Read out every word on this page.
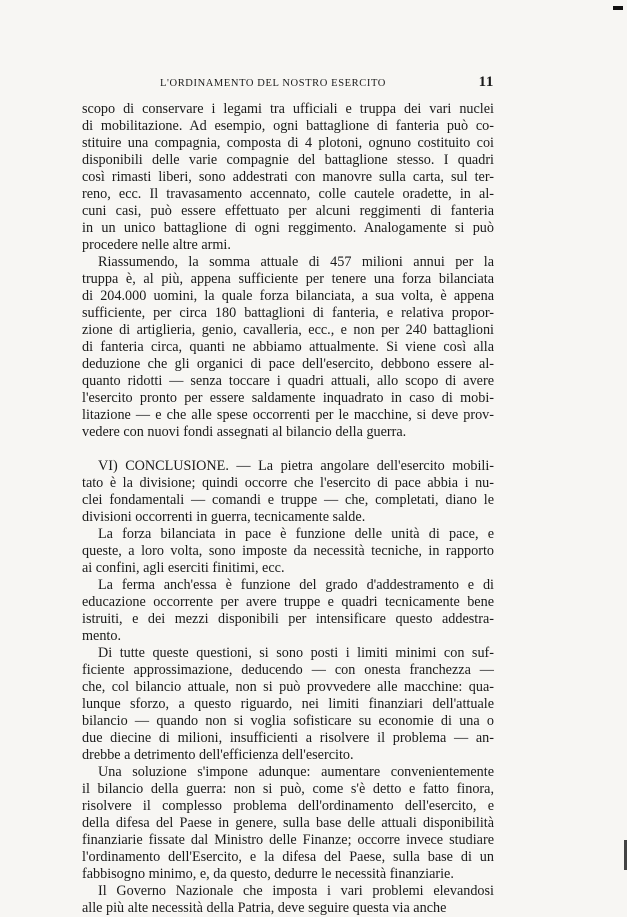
L'ORDINAMENTO DEL NOSTRO ESERCITO	11
scopo di conservare i legami tra ufficiali e truppa dei vari nuclei
di mobilitazione. Ad esempio, ogni battaglione di fanteria può co-
stituire una compagnia, composta di 4 plotoni, ognuno costituito coi
disponibili delle varie compagnie del battaglione stesso. I quadri
così rimasti liberi, sono addestrati con manovre sulla carta, sul ter-
reno, ecc. Il travasamento accennato, colle cautele oradette, in al-
cuni casi, può essere effettuato per alcuni reggimenti di fanteria
in un unico battaglione di ogni reggimento. Analogamente si può
procedere nelle altre armi.
Riassumendo, la somma attuale di 457 milioni annui per la
truppa è, al più, appena sufficiente per tenere una forza bilanciata
di 204.000 uomini, la quale forza bilanciata, a sua volta, è appena
sufficiente, per circa 180 battaglioni di fanteria, e relativa propor-
zione di artiglieria, genio, cavalleria, ecc., e non per 240 battaglioni
di fanteria circa, quanti ne abbiamo attualmente. Si viene così alla
deduzione che gli organici di pace dell'esercito, debbono essere al-
quanto ridotti — senza toccare i quadri attuali, allo scopo di avere
l'esercito pronto per essere saldamente inquadrato in caso di mobi-
litazione — e che alle spese occorrenti per le macchine, si deve prov-
vedere con nuovi fondi assegnati al bilancio della guerra.
VI) CONCLUSIONE. — La pietra angolare dell'esercito mobili-
tato è la divisione; quindi occorre che l'esercito di pace abbia i nu-
clei fondamentali — comandi e truppe — che, completati, diano le
divisioni occorrenti in guerra, tecnicamente salde.
La forza bilanciata in pace è funzione delle unità di pace, e
queste, a loro volta, sono imposte da necessità tecniche, in rapporto
ai confini, agli eserciti finitimi, ecc.
La ferma anch'essa è funzione del grado d'addestramento e di
educazione occorrente per avere truppe e quadri tecnicamente bene
istruiti, e dei mezzi disponibili per intensificare questo addestra-
mento.
Di tutte queste questioni, si sono posti i limiti minimi con suf-
ficiente approssimazione, deducendo — con onesta franchezza —
che, col bilancio attuale, non si può provvedere alle macchine: qua-
lunque sforzo, a questo riguardo, nei limiti finanziari dell'attuale
bilancio — quando non si voglia sofisticare su economie di una o
due diecine di milioni, insufficienti a risolvere il problema — an-
drebbe a detrimento dell'efficienza dell'esercito.
Una soluzione s'impone adunque: aumentare convenientemente
il bilancio della guerra: non si può, come s'è detto e fatto finora,
risolvere il complesso problema dell'ordinamento dell'esercito, e
della difesa del Paese in genere, sulla base delle attuali disponibilità
finanziarie fissate dal Ministro delle Finanze; occorre invece studiare
l'ordinamento dell'Esercito, e la difesa del Paese, sulla base di un
fabbisogno minimo, e, da questo, dedurre le necessità finanziarie.
Il Governo Nazionale che imposta i vari problemi elevandosi
alle più alte necessità della Patria, deve seguire questa via anche
